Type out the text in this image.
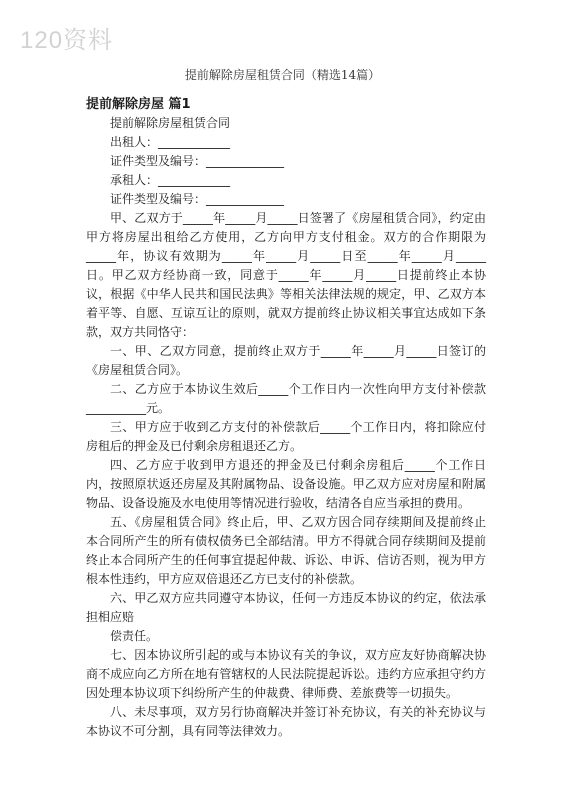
120资料
提前解除房屋租赁合同（精选14篇）

提前解除房屋 篇1

提前解除房屋租赁合同

出租人：____________

证件类型及编号：_____________

承租人：____________

证件类型及编号：_____________

甲、乙双方于_____年_____月_____日签署了《房屋租赁合同》，约定由甲方将房屋出租给乙方使用，乙方向甲方支付租金。双方的合作期限为_____年，协议有效期为_____年_____月_____日至_____年_____月_____日。甲乙双方经协商一致，同意于_____年_____月_____日提前终止本协议，根据《中华人民共和国民法典》等相关法律法规的规定，甲、乙双方本着平等、自愿、互谅互让的原则，就双方提前终止协议相关事宜达成如下条款，双方共同恪守：

一、甲、乙双方同意，提前终止双方于_____年_____月_____日签订的《房屋租赁合同》。

二、乙方应于本协议生效后_____个工作日内一次性向甲方支付补偿款__________元。

三、甲方应于收到乙方支付的补偿款后_____个工作日内，将扣除应付房租后的押金及已付剩余房租退还乙方。

四、乙方应于收到甲方退还的押金及已付剩余房租后_____个工作日内，按照原状返还房屋及其附属物品、设备设施。甲乙双方应对房屋和附属物品、设备设施及水电使用等情况进行验收，结清各自应当承担的费用。

五、《房屋租赁合同》终止后，甲、乙双方因合同存续期间及提前终止本合同所产生的所有债权债务已全部结清。甲方不得就合同存续期间及提前终止本合同所产生的任何事宜提起仲裁、诉讼、申诉、信访否则，视为甲方根本性违约，甲方应双倍退还乙方已支付的补偿款。

六、甲乙双方应共同遵守本协议，任何一方违反本协议的约定，依法承担相应赔

偿责任。

七、因本协议所引起的或与本协议有关的争议，双方应友好协商解决协商不成应向乙方所在地有管辖权的人民法院提起诉讼。违约方应承担守约方因处理本协议项下纠纷所产生的仲裁费、律师费、差旅费等一切损失。

八、未尽事项，双方另行协商解决并签订补充协议，有关的补充协议与本协议不可分割，具有同等法律效力。
